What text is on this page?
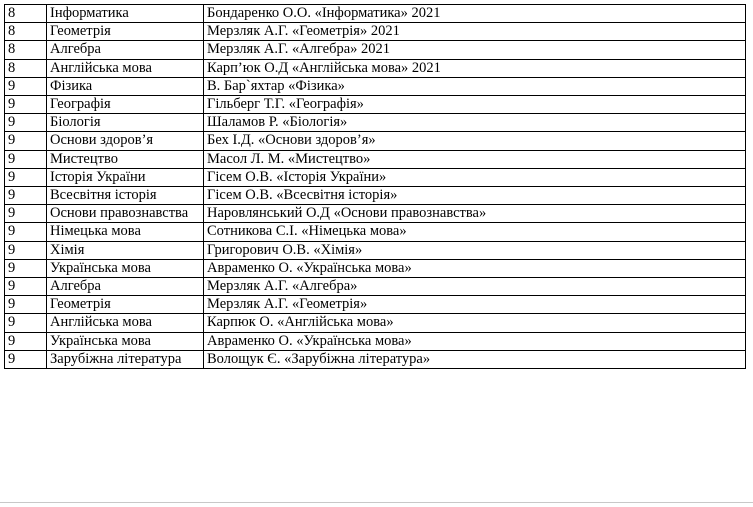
8	Інформатика	Бондаренко О.О. «Інформатика» 2021
8	Геометрія	Мерзляк А.Г. «Геометрія» 2021
8	Алгебра	Мерзляк А.Г. «Алгебра» 2021
8	Англійська мова	Карп’юк О.Д «Англійська мова» 2021
9	Фізика	В. Бар`яхтар «Фізика»
9	Географія	Гільберг Т.Г. «Географія»
9	Біологія	Шаламов Р. «Біологія»
9	Основи здоров’я	Бех І.Д. «Основи здоров’я»
9	Мистецтво	Масол Л. М. «Мистецтво»
9	Історія України	Гісем О.В. «Історія України»
9	Всесвітня історія	Гісем О.В. «Всесвітня історія»
9	Основи правознавства	Наровлянський О.Д «Основи правознавства»
9	Німецька мова	Сотникова С.І. «Німецька мова»
9	Хімія	Григорович О.В. «Хімія»
9	Українська мова	Авраменко О. «Українська мова»
9	Алгебра	Мерзляк А.Г. «Алгебра»
9	Геометрія	Мерзляк А.Г. «Геометрія»
9	Англійська мова	Карпюк О. «Англійська мова»
9	Українська мова	Авраменко О. «Українська мова»
9	Зарубіжна література	Волощук Є. «Зарубіжна література»
